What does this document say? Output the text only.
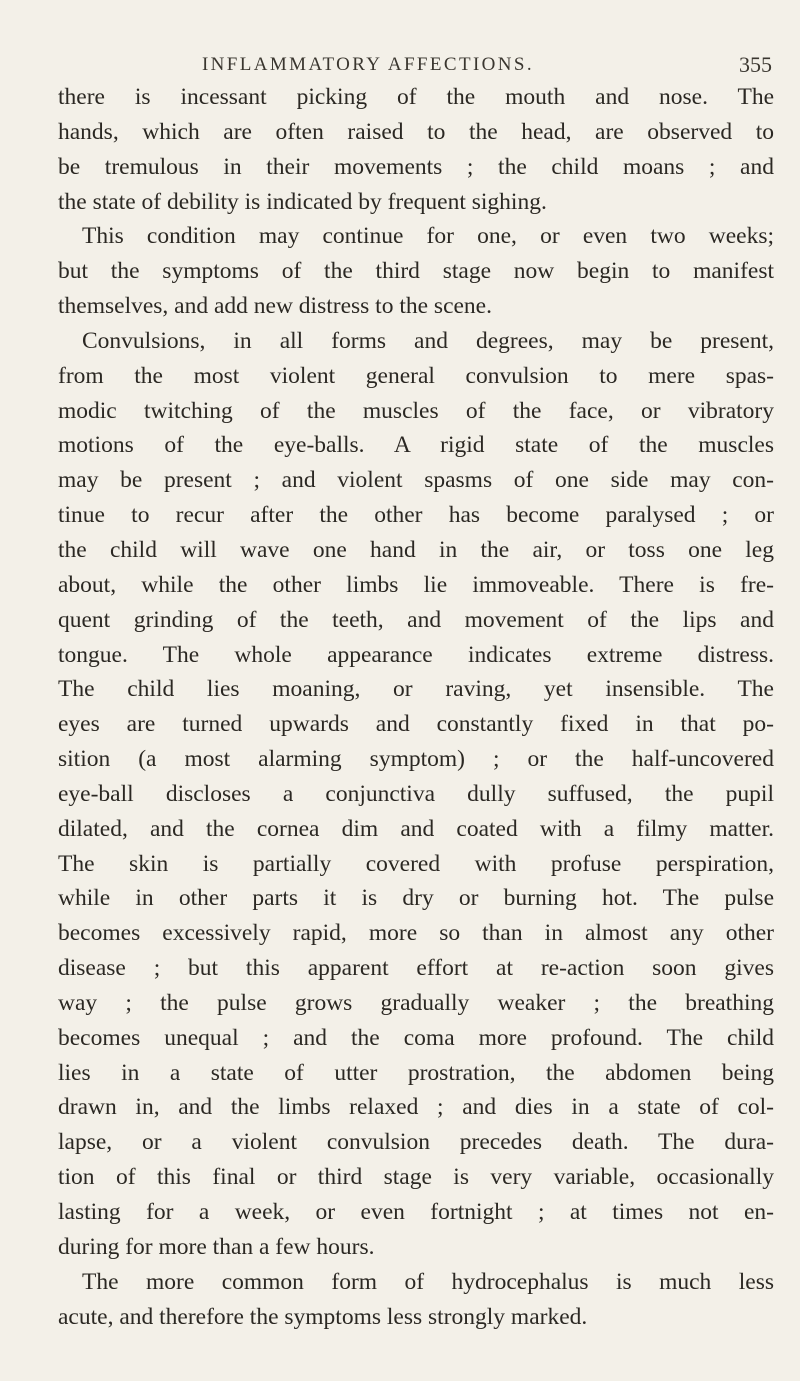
INFLAMMATORY AFFECTIONS.	355
there is incessant picking of the mouth and nose. The
hands, which are often raised to the head, are observed to
be tremulous in their movements ; the child moans ; and
the state of debility is indicated by frequent sighing.
This condition may continue for one, or even two weeks;
but the symptoms of the third stage now begin to manifest
themselves, and add new distress to the scene.
Convulsions, in all forms and degrees, may be present,
from the most violent general convulsion to mere spas-
modic twitching of the muscles of the face, or vibratory
motions of the eye-balls. A rigid state of the muscles
may be present ; and violent spasms of one side may con-
tinue to recur after the other has become paralysed ; or
the child will wave one hand in the air, or toss one leg
about, while the other limbs lie immoveable. There is fre-
quent grinding of the teeth, and movement of the lips and
tongue. The whole appearance indicates extreme distress.
The child lies moaning, or raving, yet insensible. The
eyes are turned upwards and constantly fixed in that po-
sition (a most alarming symptom) ; or the half-uncovered
eye-ball discloses a conjunctiva dully suffused, the pupil
dilated, and the cornea dim and coated with a filmy matter.
The skin is partially covered with profuse perspiration,
while in other parts it is dry or burning hot. The pulse
becomes excessively rapid, more so than in almost any other
disease ; but this apparent effort at re-action soon gives
way ; the pulse grows gradually weaker ; the breathing
becomes unequal ; and the coma more profound. The child
lies in a state of utter prostration, the abdomen being
drawn in, and the limbs relaxed ; and dies in a state of col-
lapse, or a violent convulsion precedes death. The dura-
tion of this final or third stage is very variable, occasionally
lasting for a week, or even fortnight ; at times not en-
during for more than a few hours.
The more common form of hydrocephalus is much less
acute, and therefore the symptoms less strongly marked.
